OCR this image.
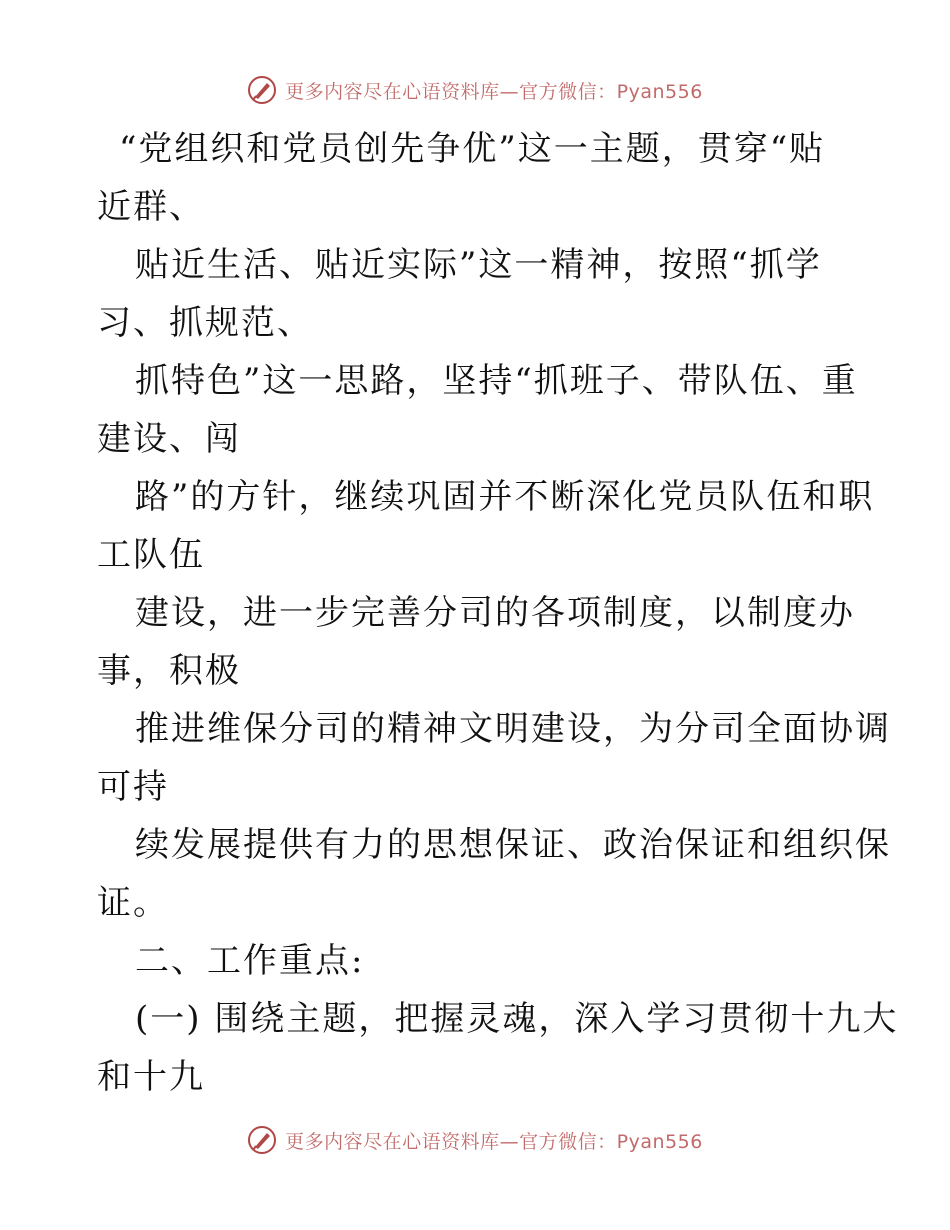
更多内容尽在心语资料库—官方微信：Pyan556
“党组织和党员创先争优”这一主题，贯穿“贴
近群、
贴近生活、贴近实际”这一精神，按照“抓学
习、抓规范、
抓特色”这一思路，坚持“抓班子、带队伍、重
建设、闯
路”的方针，继续巩固并不断深化党员队伍和职
工队伍
建设，进一步完善分司的各项制度，以制度办
事，积极
推进维保分司的精神文明建设，为分司全面协调
可持
续发展提供有力的思想保证、政治保证和组织保
证。
二、工作重点:
(一) 围绕主题，把握灵魂，深入学习贯彻十九大
和十九
更多内容尽在心语资料库—官方微信：Pyan556
